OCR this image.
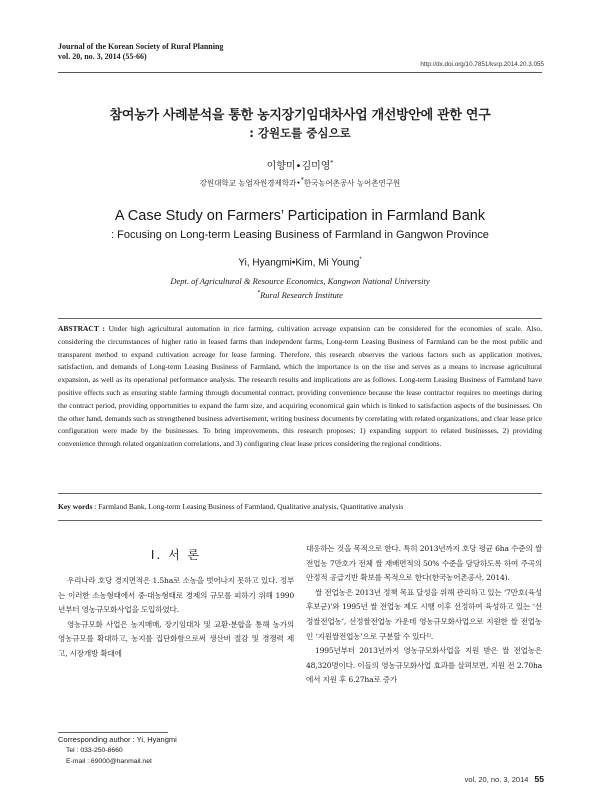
Journal of the Korean Society of Rural Planning
vol. 20, no. 3, 2014 (55-66)
http://dx.doi.org/10.7851/ksrp.2014.20.3.055
참여농가 사례분석을 통한 농지장기임대차사업 개선방안에 관한 연구
: 강원도를 중심으로
이향미•김미영*
강원대학교 농업자원경제학과•*한국농어촌공사 농어촌연구원
A Case Study on Farmers’ Participation in Farmland Bank
: Focusing on Long-term Leasing Business of Farmland in Gangwon Province
Yi, Hyangmi•Kim, Mi Young*
Dept. of Agricultural & Resource Economics, Kangwon National University
*Rural Research Institute
ABSTRACT : Under high agricultural automation in rice farming, cultivation acreage expansion can be considered for the economies of scale. Also, considering the circumstances of higher ratio in leased farms than independent farms, Long-term Leasing Business of Farmland can be the most public and transparent method to expand cultivation acreage for lease farming. Therefore, this research observes the various factors such as application motives, satisfaction, and demands of Long-term Leasing Business of Farmland, which the importance is on the rise and serves as a means to increase agricultural expansion, as well as its operational performance analysis. The research results and implications are as follows. Long-term Leasing Business of Farmland have positive effects such as ensuring stable farming through documental contract, providing convenience because the lease contractor requires no meetings during the contract period, providing opportunities to expand the farm size, and acquiring economical gain which is linked to satisfaction aspects of the businesses. On the other hand, demands such as strengthened business advertisement, writing business documents by correlating with related organizations, and clear lease price configuration were made by the businesses. To bring improvements, this research proposes; 1) expanding support to related businesses, 2) providing convenience through related organization correlations, and 3) configuring clear lease prices considering the regional conditions.
Key words : Farmland Bank, Long-term Leasing Business of Farmland, Qualitative analysis, Quantitative analysis
I. 서 론

우리나라 호당 경지면적은 1.5ha로 소농을 벗어나지 못하고 있다. 정부는 이러한 소농형태에서 중·대농형태로 경제의 규모를 피하기 위해 1990년부터 영농규모화사업을 도입하였다.

영농규모화 사업은 농지매매, 장기임대차 및 교환·분합을 통해 농가의 영농규모를 확대하고, 농지를 집단화함으로써 생산비 절감 및 경쟁력 제고, 시장개방 확대에

대응하는 것을 목적으로 한다. 특히 2013년까지 호당 평균 6ha 수준의 쌀 전업농 7만호가 전체 쌀 재배면적의 50% 수준을 담당하도록 하여 주곡의 안정적 공급기반 확보를 목적으로 한다(한국농어촌공사, 2014).

쌀 전업농은 2013년 정책 목표 달성을 위해 관리하고 있는 ‘7만호(육성후보군)’와 1995년 쌀 전업농 제도 시행 이후 선정하여 육성하고 있는 ‘선정쌀전업농’, 선정쌀전업농 가운데 영농규모화사업으로 지원한 쌀 전업농인 ‘지원쌀전업농’으로 구분할 수 있다¹⁾.

1995년부터 2013년까지 영농규모화사업을 지원 받은 쌀 전업농은 48,320명이다. 이들의 영농규모화사업 효과를 살펴보면, 지원 전 2.70ha에서 지원 후 6.27ha로 증가

Corresponding author : Yi, Hyangmi
Tel : 033-250-8660
E-mail : 69000@hanmail.net
vol. 20, no. 3, 2014 55
